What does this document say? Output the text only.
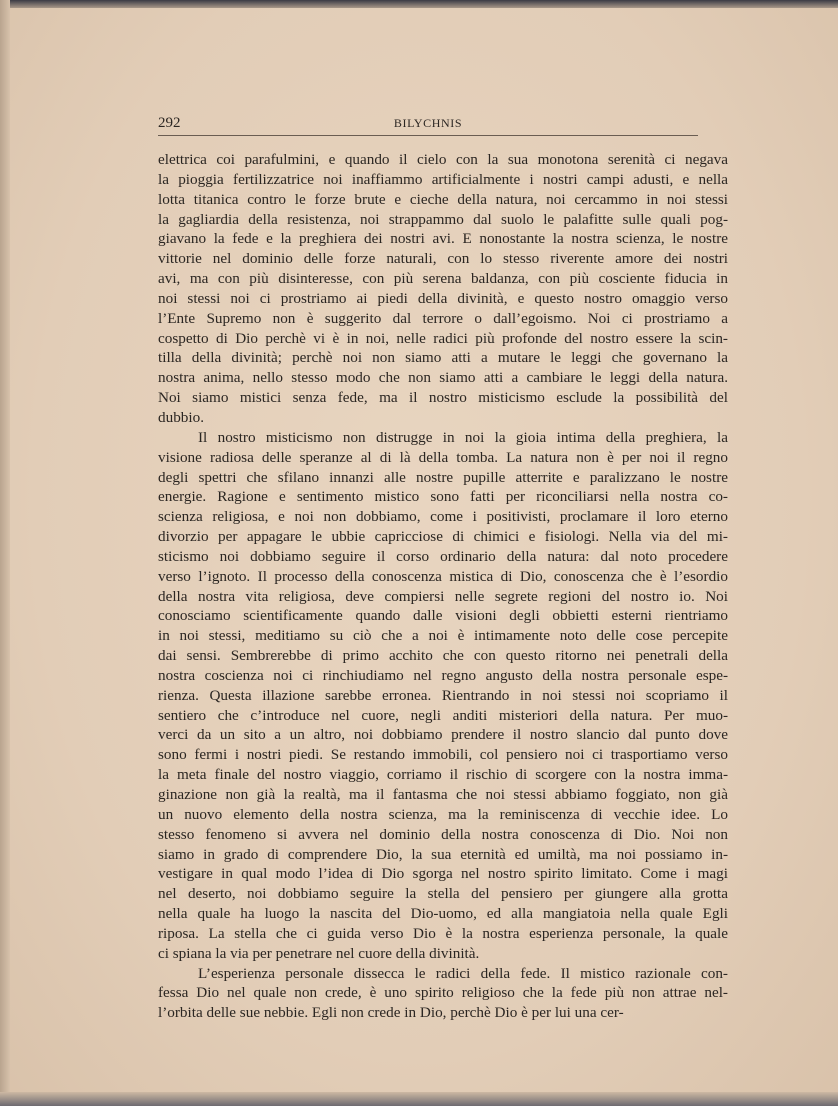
292	BILYCHNIS

elettrica coi parafulmini, e quando il cielo con la sua monotona serenità ci negava
la pioggia fertilizzatrice noi inaffiammo artificialmente i nostri campi adusti, e nella
lotta titanica contro le forze brute e cieche della natura, noi cercammo in noi stessi
la gagliardia della resistenza, noi strappammo dal suolo le palafitte sulle quali pog-
giavano la fede e la preghiera dei nostri avi. E nonostante la nostra scienza, le nostre
vittorie nel dominio delle forze naturali, con lo stesso riverente amore dei nostri
avi, ma con più disinteresse, con più serena baldanza, con più cosciente fiducia in
noi stessi noi ci prostriamo ai piedi della divinità, e questo nostro omaggio verso
l’Ente Supremo non è suggerito dal terrore o dall’egoismo. Noi ci prostriamo a
cospetto di Dio perchè vi è in noi, nelle radici più profonde del nostro essere la scin-
tilla della divinità; perchè noi non siamo atti a mutare le leggi che governano la
nostra anima, nello stesso modo che non siamo atti a cambiare le leggi della natura.
Noi siamo mistici senza fede, ma il nostro misticismo esclude la possibilità del
dubbio.

Il nostro misticismo non distrugge in noi la gioia intima della preghiera, la
visione radiosa delle speranze al di là della tomba. La natura non è per noi il regno
degli spettri che sfilano innanzi alle nostre pupille atterrite e paralizzano le nostre
energie. Ragione e sentimento mistico sono fatti per riconciliarsi nella nostra co-
scienza religiosa, e noi non dobbiamo, come i positivisti, proclamare il loro eterno
divorzio per appagare le ubbie capricciose di chimici e fisiologi. Nella via del mi-
sticismo noi dobbiamo seguire il corso ordinario della natura: dal noto procedere
verso l’ignoto. Il processo della conoscenza mistica di Dio, conoscenza che è l’esordio
della nostra vita religiosa, deve compiersi nelle segrete regioni del nostro io. Noi
conosciamo scientificamente quando dalle visioni degli obbietti esterni rientriamo
in noi stessi, meditiamo su ciò che a noi è intimamente noto delle cose percepite
dai sensi. Sembrerebbe di primo acchito che con questo ritorno nei penetrali della
nostra coscienza noi ci rinchiudiamo nel regno angusto della nostra personale espe-
rienza. Questa illazione sarebbe erronea. Rientrando in noi stessi noi scopriamo il
sentiero che c’introduce nel cuore, negli anditi misteriori della natura. Per muo-
verci da un sito a un altro, noi dobbiamo prendere il nostro slancio dal punto dove
sono fermi i nostri piedi. Se restando immobili, col pensiero noi ci trasportiamo verso
la meta finale del nostro viaggio, corriamo il rischio di scorgere con la nostra imma-
ginazione non già la realtà, ma il fantasma che noi stessi abbiamo foggiato, non già
un nuovo elemento della nostra scienza, ma la reminiscenza di vecchie idee. Lo
stesso fenomeno si avvera nel dominio della nostra conoscenza di Dio. Noi non
siamo in grado di comprendere Dio, la sua eternità ed umiltà, ma noi possiamo in-
vestigare in qual modo l’idea di Dio sgorga nel nostro spirito limitato. Come i magi
nel deserto, noi dobbiamo seguire la stella del pensiero per giungere alla grotta
nella quale ha luogo la nascita del Dio-uomo, ed alla mangiatoia nella quale Egli
riposa. La stella che ci guida verso Dio è la nostra esperienza personale, la quale
ci spiana la via per penetrare nel cuore della divinità.

L’esperienza personale dissecca le radici della fede. Il mistico razionale con-
fessa Dio nel quale non crede, è uno spirito religioso che la fede più non attrae nel-
l’orbita delle sue nebbie. Egli non crede in Dio, perchè Dio è per lui una cer-
